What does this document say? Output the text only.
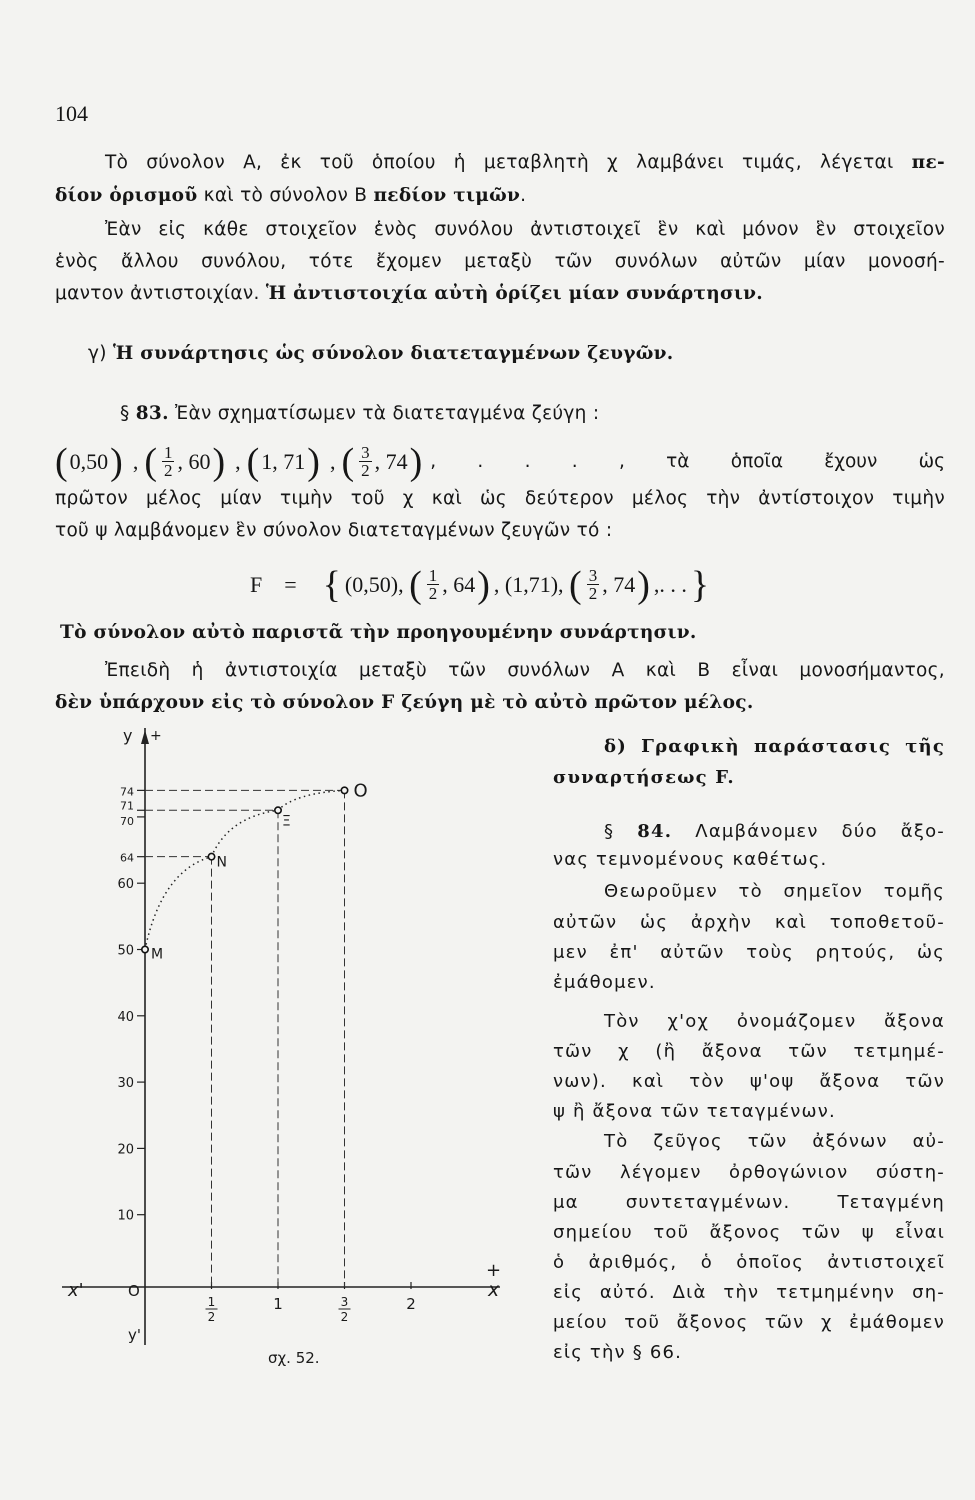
104
Τὸ σύνολον Α, ἐκ τοῦ ὁποίου ἡ μεταβλητὴ χ λαμβάνει τιμάς, λέγεται πε-
δίον ὁρισμοῦ καὶ τὸ σύνολον Β πεδίον τιμῶν.
Ἐὰν εἰς κάθε στοιχεῖον ἑνὸς συνόλου ἀντιστοιχεῖ ἓν καὶ μόνον ἓν στοιχεῖον
ἑνὸς ἄλλου συνόλου, τότε ἔχομεν μεταξὺ τῶν συνόλων αὐτῶν μίαν μονοσή-
μαντον ἀντιστοιχίαν. Ἡ ἀντιστοιχία αὐτὴ ὁρίζει μίαν συνάρτησιν.
γ) Ἡ συνάρτησις ὡς σύνολον διατεταγμένων ζευγῶν.
§ 83. Ἐὰν σχηματίσωμεν τὰ διατεταγμένα ζεύγη :
( 0 , 50
) , ( $\frac{1}{2}$ , 60
) , ( 1 , 71
) , ( $\frac{3}{2}$ , 74
) , . . . , τὰ ὁποῖα ἔχουν ὡς
πρῶτον μέλος μίαν τιμὴν τοῦ χ καὶ ὡς δεύτερον μέλος τὴν ἀντίστοιχον τιμὴν
τοῦ ψ λαμβάνομεν ἓν σύνολον διατεταγμένων ζευγῶν τό :
F = { (0,50),
( $\frac{1}{2}$ , 64
) , (1,71),
( $\frac{3}{2}$ , 74
) , . . . }
Τὸ σύνολον αὐτὸ παριστᾶ τὴν προηγουμένην συνάρτησιν.
Ἐπειδὴ ἡ ἀντιστοιχία μεταξὺ τῶν συνόλων Α καὶ Β εἶναι μονοσήμαντος,
δὲν ὑπάρχουν εἰς τὸ σύνολον F ζεύγη μὲ τὸ αὐτὸ πρῶτον μέλος.
δ) Γραφικὴ παράστασις τῆς
συναρτήσεως F.
§ 84. Λαμβάνομεν δύο ἄξο-
νας τεμνομένους καθέτως.
Θεωροῦμεν τὸ σημεῖον τομῆς
αὐτῶν ὡς ἀρχὴν καὶ τοποθετοῦ-
μεν ἐπ' αὐτῶν τοὺς ρητούς, ὡς
ἐμάθομεν.
Τὸν χ'οχ ὀνομάζομεν ἄξονα
τῶν χ (ἢ ἄξονα τῶν τετμημέ-
νων). καὶ τὸν ψ'οψ ἄξονα τῶν
ψ ἢ ἄξονα τῶν τεταγμένων.
Τὸ ζεῦγος τῶν ἀξόνων αὐ-
τῶν λέγομεν ὀρθογώνιον σύστη-
μα συντεταγμένων. Τεταγμένη
σημείου τοῦ ἄξονος τῶν ψ εἶναι
ὁ ἀριθμός, ὁ ὁποῖος ἀντιστοιχεῖ
εἰς αὐτό. Διὰ τὴν τετμημένην ση-
μείου τοῦ ἄξονος τῶν χ ἐμάθομεν
εἰς τὴν § 66.
y +
x
+
x'	O
y'
σχ. 52.
10
20
30
40
50
60
64
70
71
74
1
2
1	3
2
2
M
N
Ξ
O
